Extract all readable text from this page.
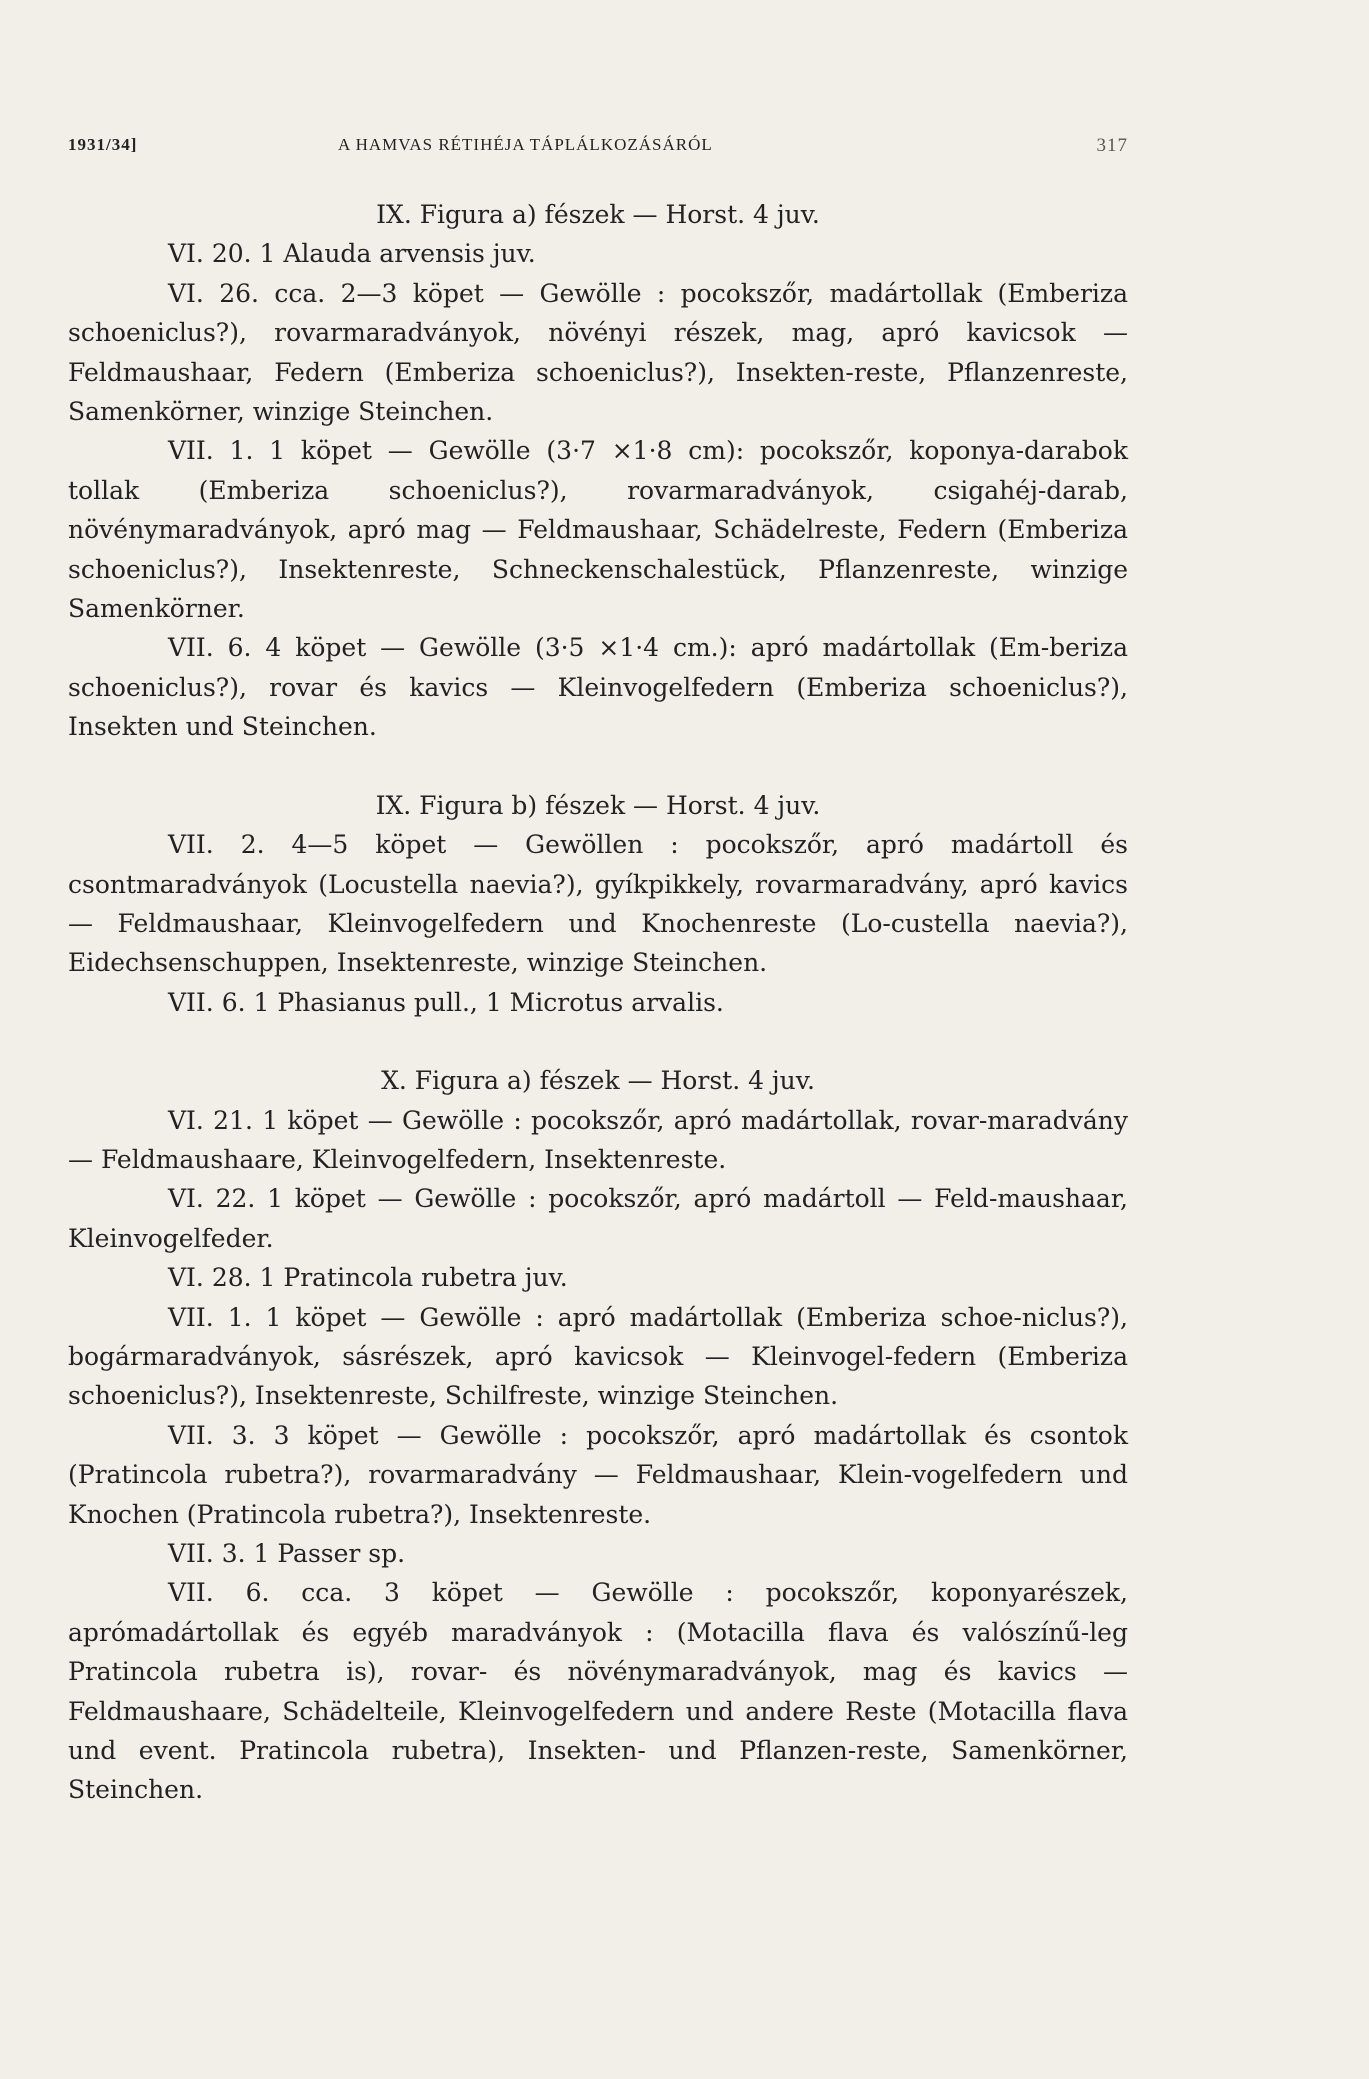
1931/34]	A HAMVAS RÉTIHÉJA TÁPLÁLKOZÁSÁRÓL	317

IX. Figura a) fészek — Horst. 4 juv.

VI. 20. 1 Alauda arvensis juv.

VI. 26. cca. 2—3 köpet — Gewölle : pocokszőr, madártollak (Emberiza schoeniclus?), rovarmaradványok, növényi részek, mag, apró kavicsok — Feldmaushaar, Federn (Emberiza schoeniclus?), Insekten-reste, Pflanzenreste, Samenkörner, winzige Steinchen.

VII. 1. 1 köpet — Gewölle (3·7 ×1·8 cm): pocokszőr, koponya-darabok tollak (Emberiza schoeniclus?), rovarmaradványok, csigahéj-darab, növénymaradványok, apró mag — Feldmaushaar, Schädelreste, Federn (Emberiza schoeniclus?), Insektenreste, Schneckenschalestück, Pflanzenreste, winzige Samenkörner.

VII. 6. 4 köpet — Gewölle (3·5 ×1·4 cm.): apró madártollak (Em-beriza schoeniclus?), rovar és kavics — Kleinvogelfedern (Emberiza schoeniclus?), Insekten und Steinchen.

IX. Figura b) fészek — Horst. 4 juv.

VII. 2. 4—5 köpet — Gewöllen : pocokszőr, apró madártoll és csontmaradványok (Locustella naevia?), gyíkpikkely, rovarmaradvány, apró kavics — Feldmaushaar, Kleinvogelfedern und Knochenreste (Lo-custella naevia?), Eidechsenschuppen, Insektenreste, winzige Steinchen.

VII. 6. 1 Phasianus pull., 1 Microtus arvalis.

X. Figura a) fészek — Horst. 4 juv.

VI. 21. 1 köpet — Gewölle : pocokszőr, apró madártollak, rovar-maradvány — Feldmaushaare, Kleinvogelfedern, Insektenreste.

VI. 22. 1 köpet — Gewölle : pocokszőr, apró madártoll — Feld-maushaar, Kleinvogelfeder.

VI. 28. 1 Pratincola rubetra juv.

VII. 1. 1 köpet — Gewölle : apró madártollak (Emberiza schoe-niclus?), bogármaradványok, sásrészek, apró kavicsok — Kleinvogel-federn (Emberiza schoeniclus?), Insektenreste, Schilfreste, winzige Steinchen.

VII. 3. 3 köpet — Gewölle : pocokszőr, apró madártollak és csontok (Pratincola rubetra?), rovarmaradvány — Feldmaushaar, Klein-vogelfedern und Knochen (Pratincola rubetra?), Insektenreste.

VII. 3. 1 Passer sp.

VII. 6. cca. 3 köpet — Gewölle : pocokszőr, koponyarészek, aprómadártollak és egyéb maradványok : (Motacilla flava és valószínű-leg Pratincola rubetra is), rovar- és növénymaradványok, mag és kavics — Feldmaushaare, Schädelteile, Kleinvogelfedern und andere Reste (Motacilla flava und event. Pratincola rubetra), Insekten- und Pflanzen-reste, Samenkörner, Steinchen.
